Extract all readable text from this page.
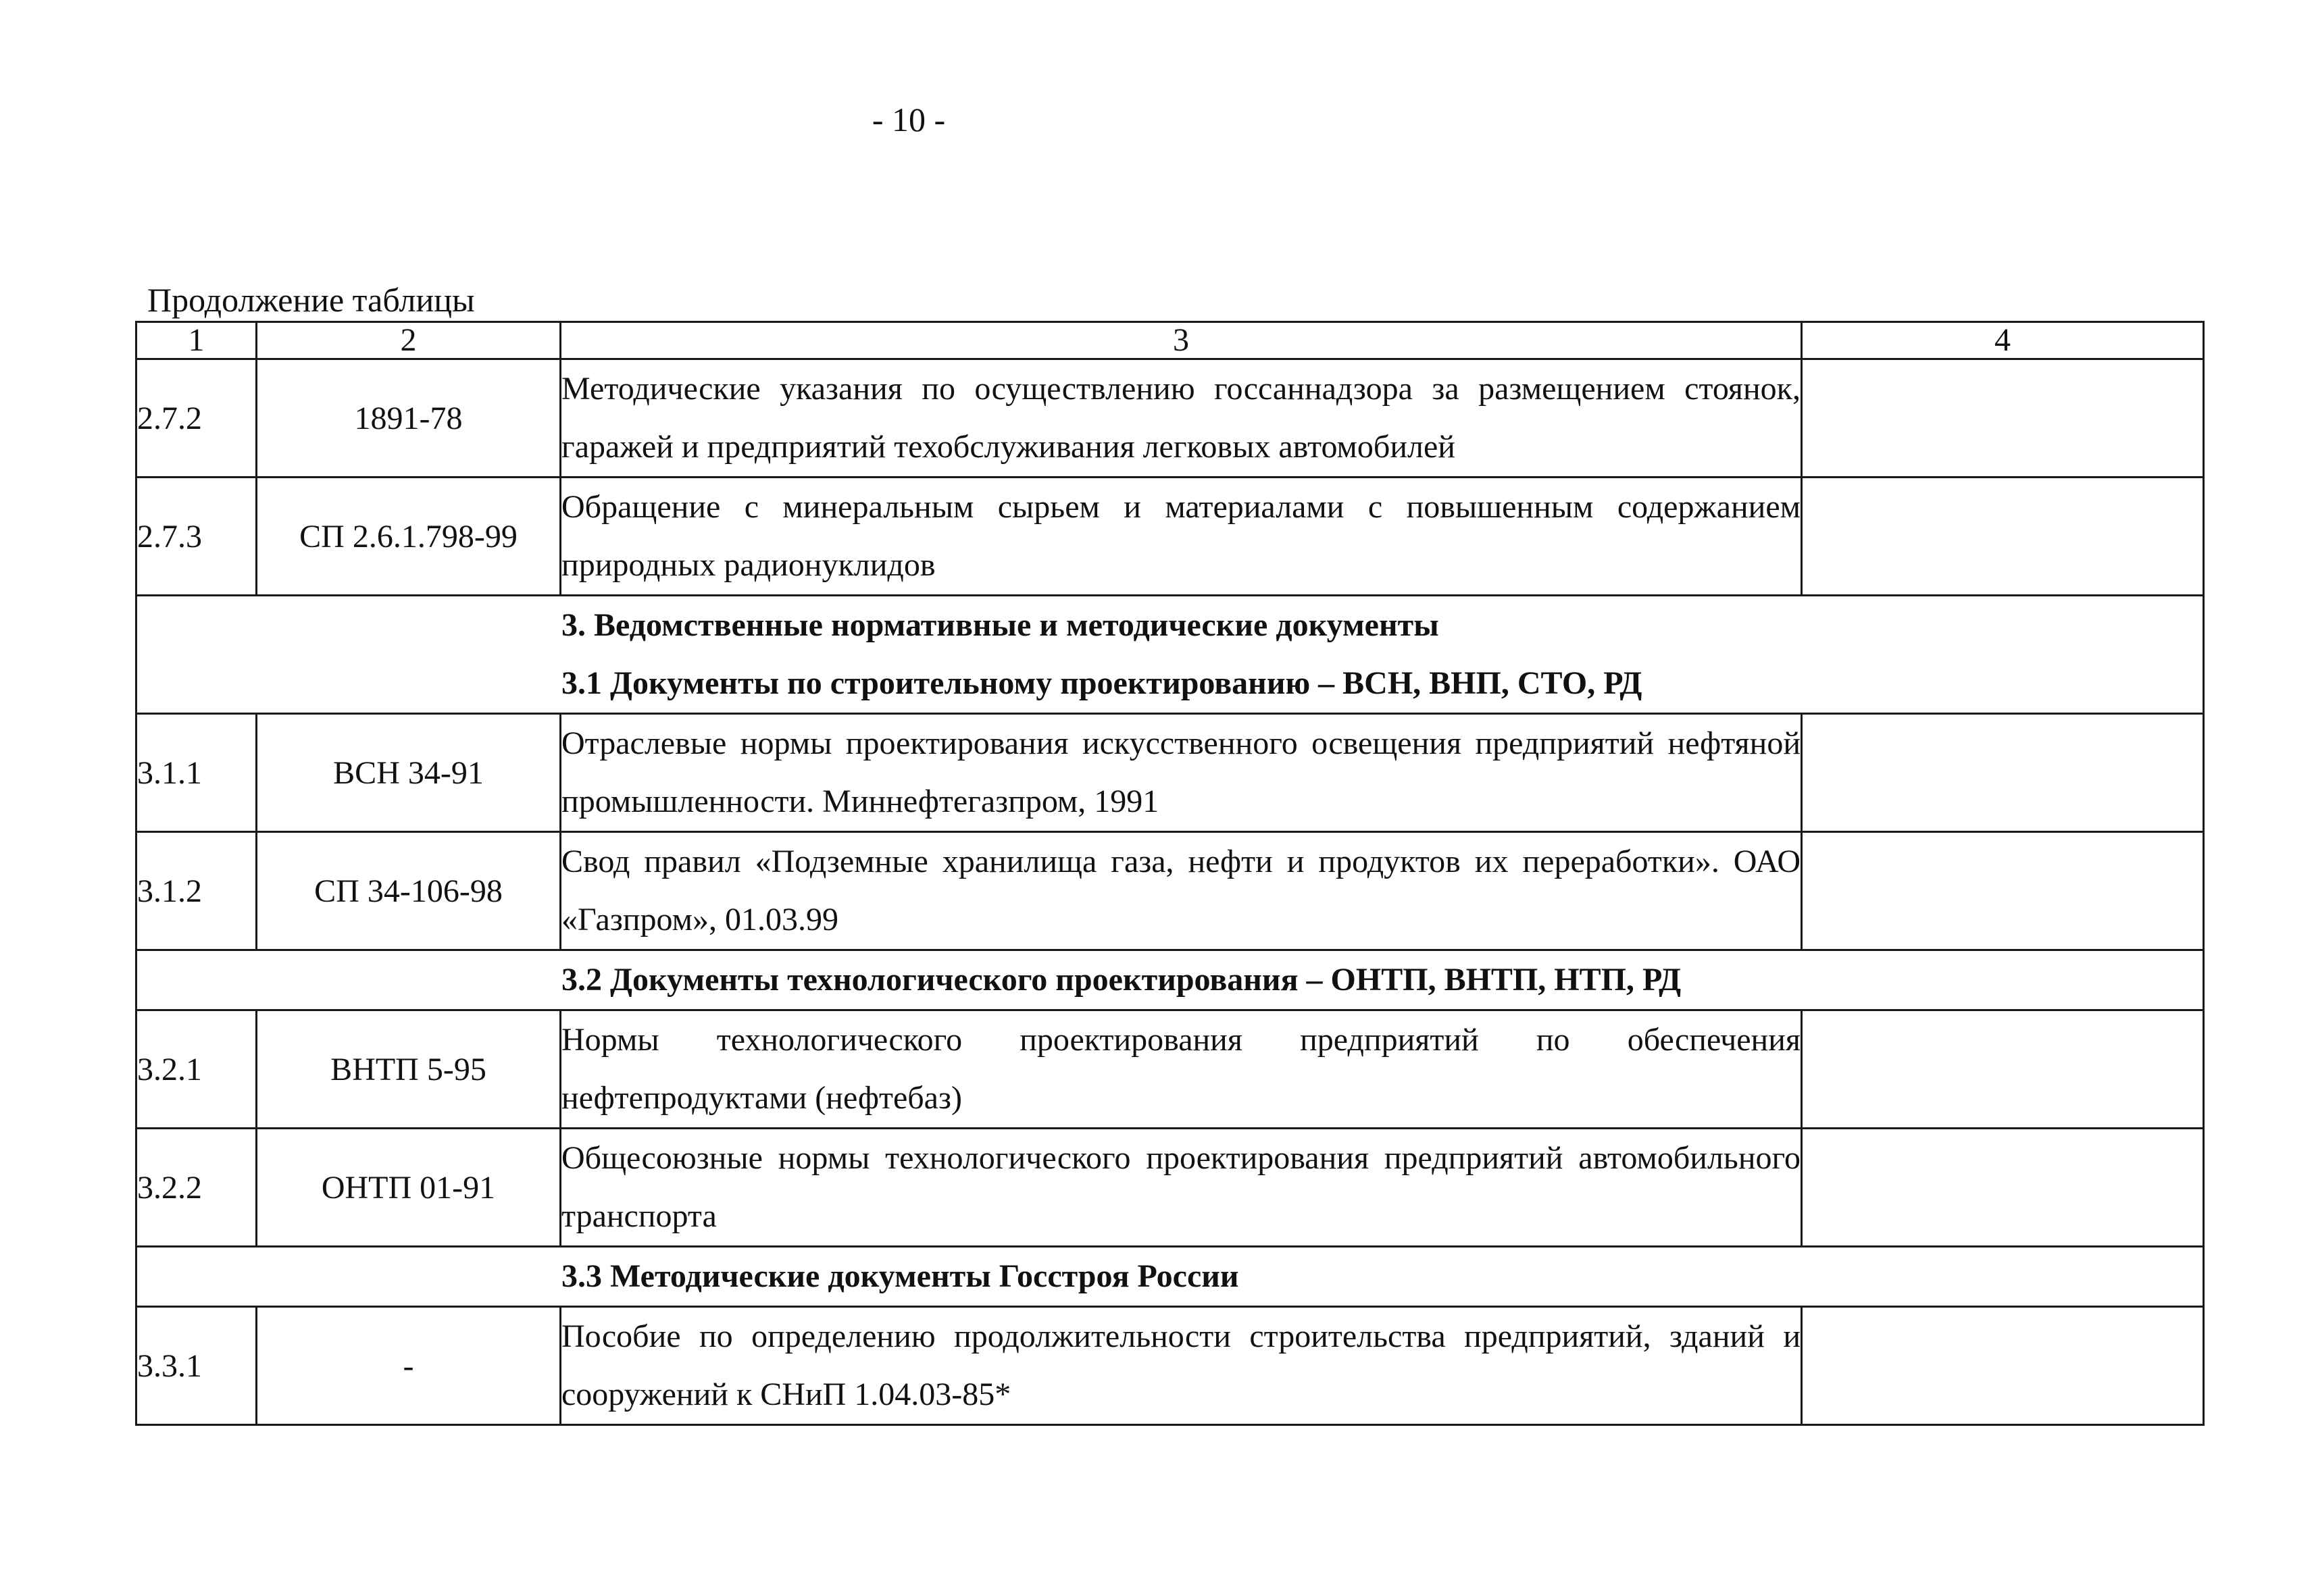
- 10 -
Продолжение таблицы
1	2	3	4
2.7.2	1891-78	Методические указания по осуществлению госсаннадзора за размещением стоянок, гаражей и предприятий техобслуживания легковых автомобилей	
2.7.3	СП 2.6.1.798-99	Обращение с минеральным сырьем и материалами с повышенным содержанием природных радионуклидов	

3. Ведомственные нормативные и методические документы
3.1 Документы по строительному проектированию – ВСН, ВНП, СТО, РД			

3.1.1	ВСН 34-91	Отраслевые нормы проектирования искусственного освещения предприятий нефтяной промышленности. Миннефтегазпром, 1991	
3.1.2	СП 34-106-98	Свод правил «Подземные хранилища газа, нефти и продуктов их переработки». ОАО «Газпром», 01.03.99	

3.2 Документы технологического проектирования – ОНТП, ВНТП, НТП, РД			

3.2.1	ВНТП 5-95	Нормы технологического проектирования предприятий по обеспечения нефтепродуктами (нефтебаз)	
3.2.2	ОНТП 01-91	Общесоюзные нормы технологического проектирования предприятий автомобильного транспорта	

3.3 Методические документы Госстроя России			

3.3.1	-	Пособие по определению продолжительности строительства предприятий, зданий и сооружений к СНиП 1.04.03-85*	
